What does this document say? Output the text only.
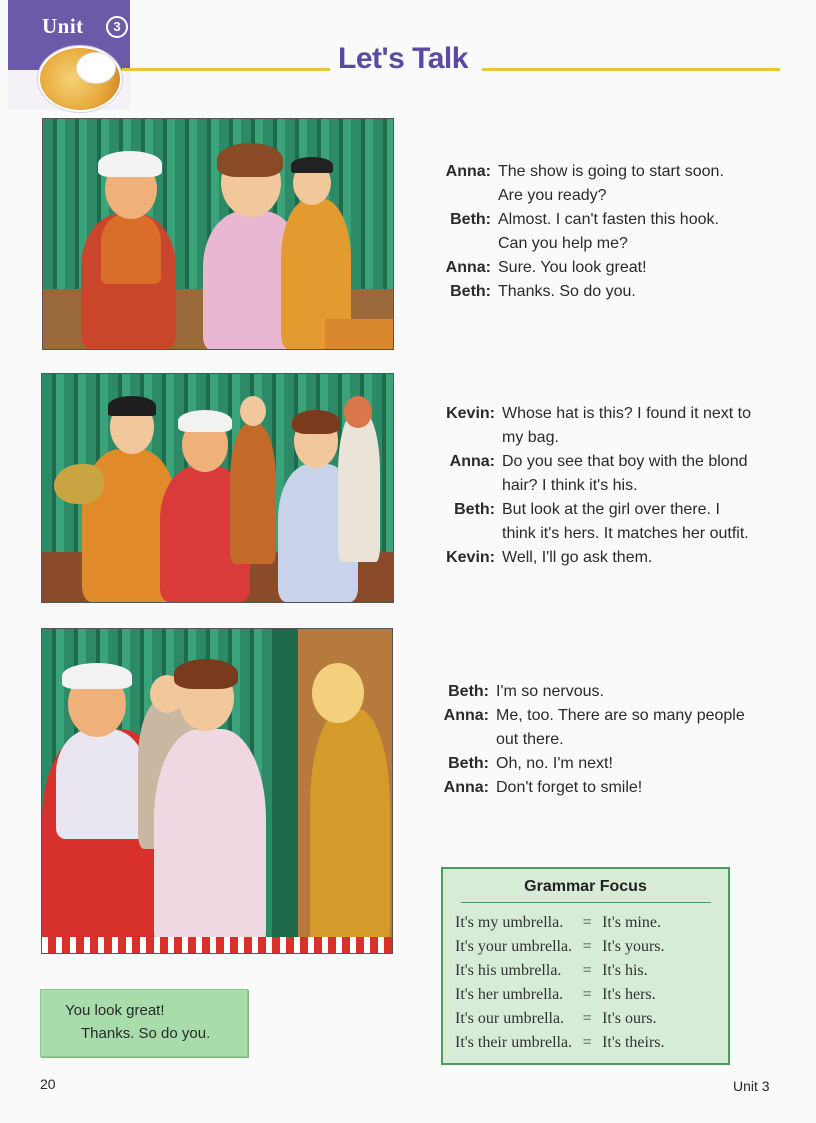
Unit	3
Let's Talk
Anna: The show is going to start soon.
Are you ready?
Beth: Almost. I can't fasten this hook.
Can you help me?
Anna: Sure. You look great!
Beth: Thanks. So do you.
Kevin: Whose hat is this? I found it next to
my bag.
Anna: Do you see that boy with the blond
hair? I think it's his.
Beth: But look at the girl over there. I
think it's hers. It matches her outfit.
Kevin: Well, I'll go ask them.
Beth: I'm so nervous.
Anna: Me, too. There are so many people
out there.
Beth: Oh, no. I'm next!
Anna: Don't forget to smile!
Grammar Focus
It's my umbrella.	=	It's mine.
It's your umbrella.	=	It's yours.
It's his umbrella.	=	It's his.
It's her umbrella.	=	It's hers.
It's our umbrella.	=	It's ours.
It's their umbrella.	=	It's theirs.
You look great!
Thanks. So do you.
20	Unit 3
